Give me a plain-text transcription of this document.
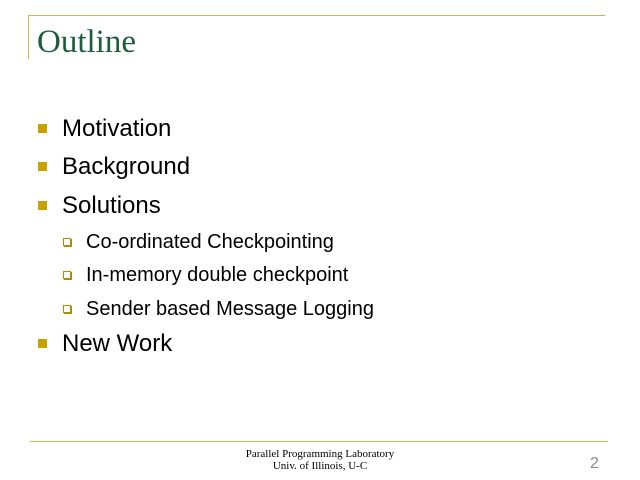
Outline
Motivation
Background
Solutions
Co-ordinated Checkpointing
In-memory double checkpoint
Sender based Message Logging
New Work
Parallel Programming Laboratory
Univ. of Illinois, U-C	2
